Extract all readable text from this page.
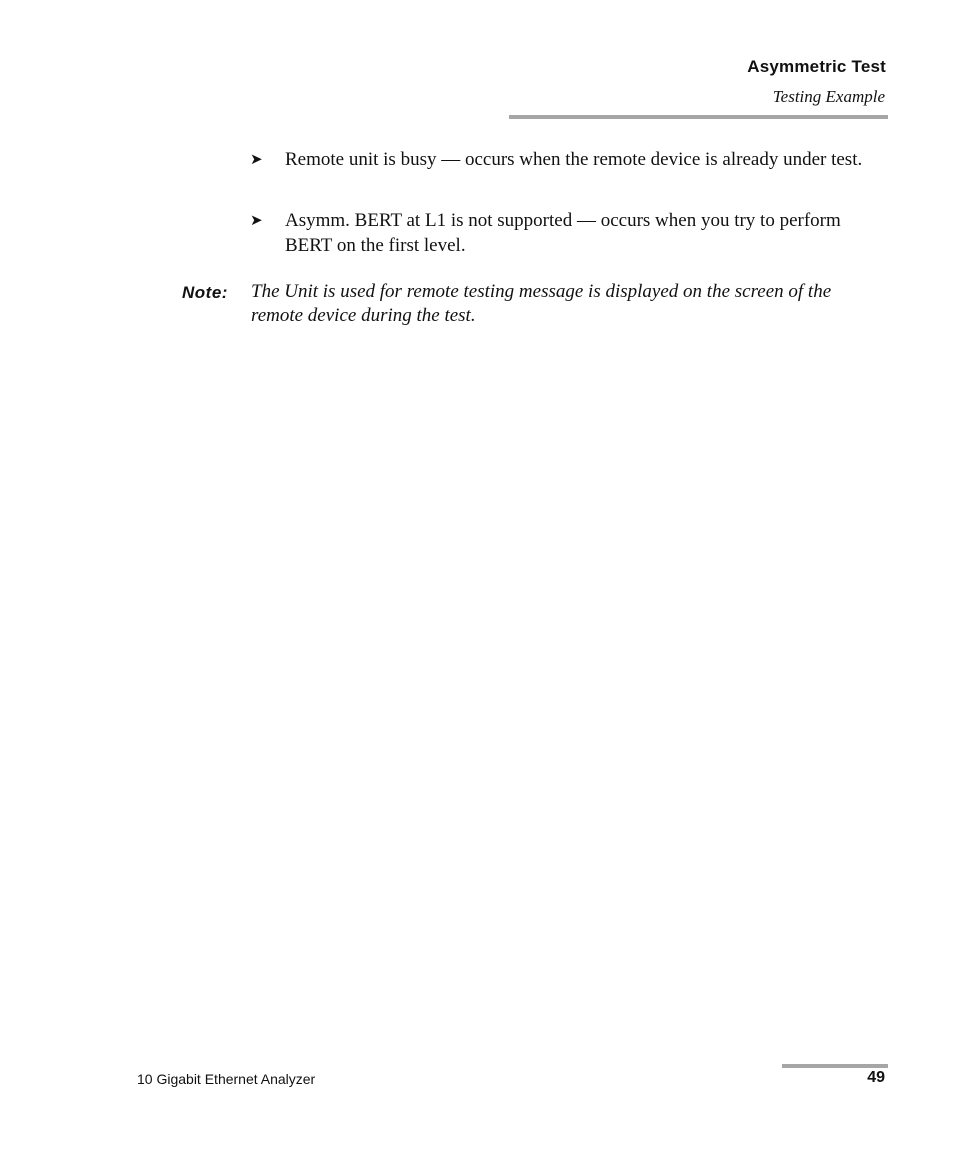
Asymmetric Test
Testing Example
➤ Remote unit is busy — occurs when the remote device is already under test.
➤ Asymm. BERT at L1 is not supported — occurs when you try to perform BERT on the first level.
Note: The Unit is used for remote testing message is displayed on the screen of the remote device during the test.
10 Gigabit Ethernet Analyzer	49
